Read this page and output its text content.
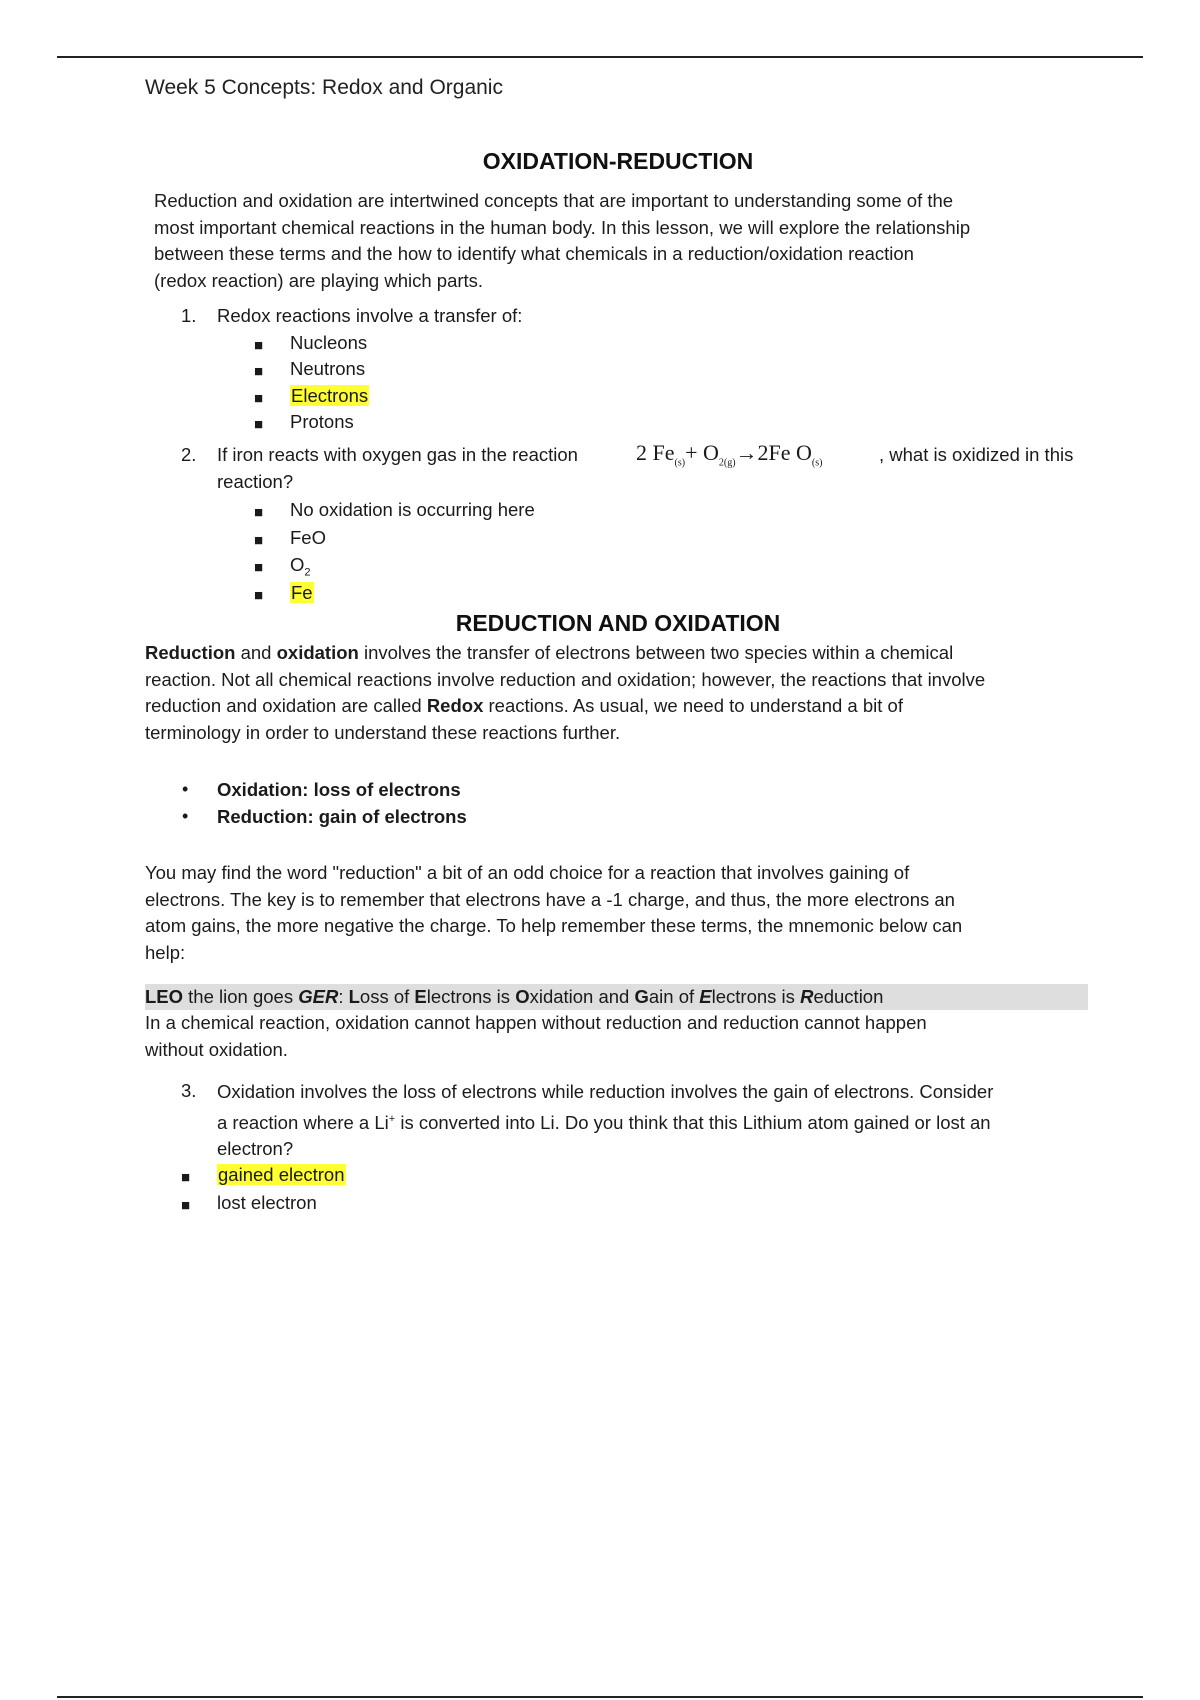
Week 5 Concepts: Redox and Organic
OXIDATION-REDUCTION
Reduction and oxidation are intertwined concepts that are important to understanding some of the
most important chemical reactions in the human body. In this lesson, we will explore the relationship
between these terms and the how to identify what chemicals in a reduction/oxidation reaction
(redox reaction) are playing which parts.
1. Redox reactions involve a transfer of:
■ Nucleons
■ Neutrons
■ Electrons
■ Protons
2. If iron reacts with oxygen gas in the reaction	2 $Fe_{(s)}+ O_{2(g)}\to 2Fe$ $O_{(s)}$	, what is oxidized in this
reaction?
■ No oxidation is occurring here
■ FeO
■ $O_2$
■ Fe
REDUCTION AND OXIDATION
Reduction and oxidation involves the transfer of electrons between two species within a chemical
reaction. Not all chemical reactions involve reduction and oxidation; however, the reactions that involve
reduction and oxidation are called Redox reactions. As usual, we need to understand a bit of
terminology in order to understand these reactions further.
• Oxidation: loss of electrons
• Reduction: gain of electrons
You may find the word "reduction" a bit of an odd choice for a reaction that involves gaining of
electrons. The key is to remember that electrons have a -1 charge, and thus, the more electrons an
atom gains, the more negative the charge. To help remember these terms, the mnemonic below can
help:
LEO the lion goes GER: Loss of Electrons is Oxidation and Gain of Electrons is Reduction
In a chemical reaction, oxidation cannot happen without reduction and reduction cannot happen
without oxidation.
3. Oxidation involves the loss of electrons while reduction involves the gain of electrons. Consider
a reaction where a Li+ is converted into Li. Do you think that this Lithium atom gained or lost an
electron?
■ gained electron
■ lost electron
